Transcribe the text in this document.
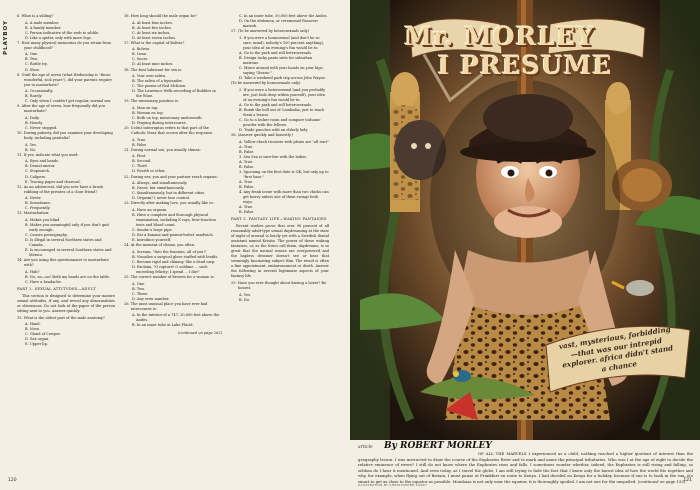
PLAYBOY
6. What is a sibling?
A. A male member.
B. A family member.
C. Person indicative of the verb to sibble.
D. Like a spider, only with more legs.
7. How many physical mementos do you retain from your childhood?
A. One.
B. Two.
C. Rattle try.
D. Shoe.
8. Until the age of seven (what Wednesday is "those wonderful, sick years"), did your parents require you to masturbate?
A. Occasionally.
B. Rarely.
C. Only when I couldn't get regular, normal sex.
9. After the age of seven, how frequently did you masturbate?
A. Daily.
B. Hourly.
C. Never stopped.
10. During puberty, did you examine your developing body, including genitalia?
A. Yes.
B. No.
11. If yes, indicate what you used:
A. Eyes and hands.
B. Dental mirror.
C. Stopwatch.
D. Calipers.
E. Tracing paper and charcoal.
12. As an adolescent, did you ever have a brush rubbing of the privates of a close friend?
A. Never.
B. Sometimes.
C. Frequently.
13. Masturbation:
A. Makes you blind.
B. Makes you meaningful only if you don't quit early enough.
C. Causes pornography.
D. Is illegal in several Northern states and Canada.
E. Is encouraged in several Southern states and Mexico.
14. Are you using this questionnaire to masturbate with?
A. Huh?
B. No, no—no! Both my hands are on the table.
C. Have a headache.
PART 2. SEXUAL ATTITUDES—ADULT
This section is designed to determine your mature sexual attitudes, if any, and reveal any abnormalities or obsessions. Do not look at the paper of the person sitting next to you. Answer quickly.
15. What is the oldest part of the male anatomy?
A. Hand.
B. Nose.
C. Gland of Cowper.
D. Sex organ.
E. Upper lip.
16. How long should the male organ be?
A. At least four inches.
B. At least five inches.
C. At least six inches.
D. At least seven inches.
17. What is the capital of Bolivia?
A. Bolivia.
B. Lima.
C. Sucre.
D. At least nine inches.
18. The best lubricant for sex is:
A. Your own saliva.
B. The saliva of a bystander.
C. The poems of Rod McKuen.
D. The Lawrence Welk recording of Bubbles in the Wine.
19. The missionary position is:
A. Man on top.
B. Woman on top.
C. Both on top, missionary underneath.
D. Praying during intercourse.
20. Coitus interruptus refers to that part of the Catholic Mass that occurs after the response.
A. True.
B. False.
21. During normal sex, you usually climax:
A. First.
B. Second.
C. Third.
D. Fourth or other.
22. During sex, you and your partner reach orgasm:
A. Always, and simultaneously.
B. Never, but simultaneously.
C. Simultaneously, but in different cities.
D. Orgasm? I never lose control.
23. Directly after making love, you usually like to:
A. Have an orgasm.
B. Have a complete and thorough physical examination, including X rays, liver-function tests and blood count.
C. Smoke a large pipe.
D. Eat a banana-and-peanut-butter sandwich.
E. Introduce yourself.
24. At the moment of climax, you often:
A. Scream, "Into the fountain, all of you!"
B. Visualize a surgical glove stuffed with lentils.
C. Become rigid and clammy, like a dead carp.
D. Exclaim, "O rapture! O sublime ... such exceeding felicity; I spend ... I die!"
25. The correct number of breasts for a woman is:
A. One.
B. Two.
C. Three.
D. Any even number.
26. The most unusual place you have ever had intercourse is:
A. In the interior of a 747, 30,000 feet above the Andes.
B. In an inner tube at Lake Placid.
(continued on page 262)
C. In an inner tube, 30,000 feet above the Andes.
D. On the abdomen, or ceremonial Passover matzoh.
27. (To be answered by heterosexuals only)
1. If you were a homosexual (and don't be so sure, mind), nobody's 100 percent anything), your idea of an evening's fun would be to:
A. Go to the park and roll heterosexuals.
B. Design tacky pants suits for suburban matrons.
C. Mince around with your hands on your hips, saying "Dearie."
D. Take a weekend park trip across John Wayne.
(To be answered by homosexuals only)
2. If you were a heterosexual (and you probably are, just look deep within yourself), your idea of an evening's fun would be to:
A. Go to the park and roll heterosexuals.
B. Bomb the hell out of Cambodia, just to teach them a lesson.
C. Go to a locker room and compare toilsome powder with the fellows.
D. Trade punches with an elderly lady.
28. (Answer quickly and honestly.)
A. Yellow-check trousers with pleats are "all rent"
A. True.
B. False.
3. Sea Sea is sure-fire with the ladies.
A. True.
B. False.
3. Spooning on the first date is OK, but only up to "first base."
A. True.
B. False.
4. Any freak scene with more than two chicks can get heavy unless one of them swings both ways.
A. True.
B. False.
PART 3. FANTASY LIFE—WAKING FANTASIES
Recent studies prove that over 98 percent of all reasonably adult-type sexual daydreaming at the state of night of arousal is lonely yet with a Swedish dental assistant named Kristin. The power of these waking fantasies, or, as the Swiss call them, daydreams, is so great that the normal senses are overpowered and the hapless dreamer doesn't see or hear that seemingly fascinating subject film. The result is often a fine appointment, embarrassment or death. Answer the following in several legitimate aspects of your fantasy life.
29. Have you ever thought about kissing a horse? Be honest.
A. Yes.
B. No.
120
Mr. MORLEY  I PRESUME
vast, mysterious, forbidding—that was our intrepid explorer. africa didn't stand a chance
article By ROBERT MORLEY
OF ALL THE MARVELS I experienced as a child, nothing reached a higher quotient of interest than the geography lesson. I was instructed to draw the course of the Euphrates River and to mark and name the principal tributaries. Who was I at the age of eight to decide the relative eminence of rivers? I still do not know where the Euphrates rises and falls. I sometimes wonder whether, indeed, the Euphrates is still rising and falling, so seldom do I hear it mentioned. And even today, as I travel the globe, I am still trying to fade the fact that I know only the barest idea of how the world fits together and why, for example, when flying out of Britain, I must pause at Frankfurt en route to Kenya. I had decided on Kenya for a holiday, because if one is to bask in the sun, it's smart to get as close to the equator as possible. Mombasa is not only near the equator, it is thoroughly spoiled. I am not one for the unspoiled. (continued on page 150)
ILLUSTRATION BY CHRISTOPHER CORKY
121
